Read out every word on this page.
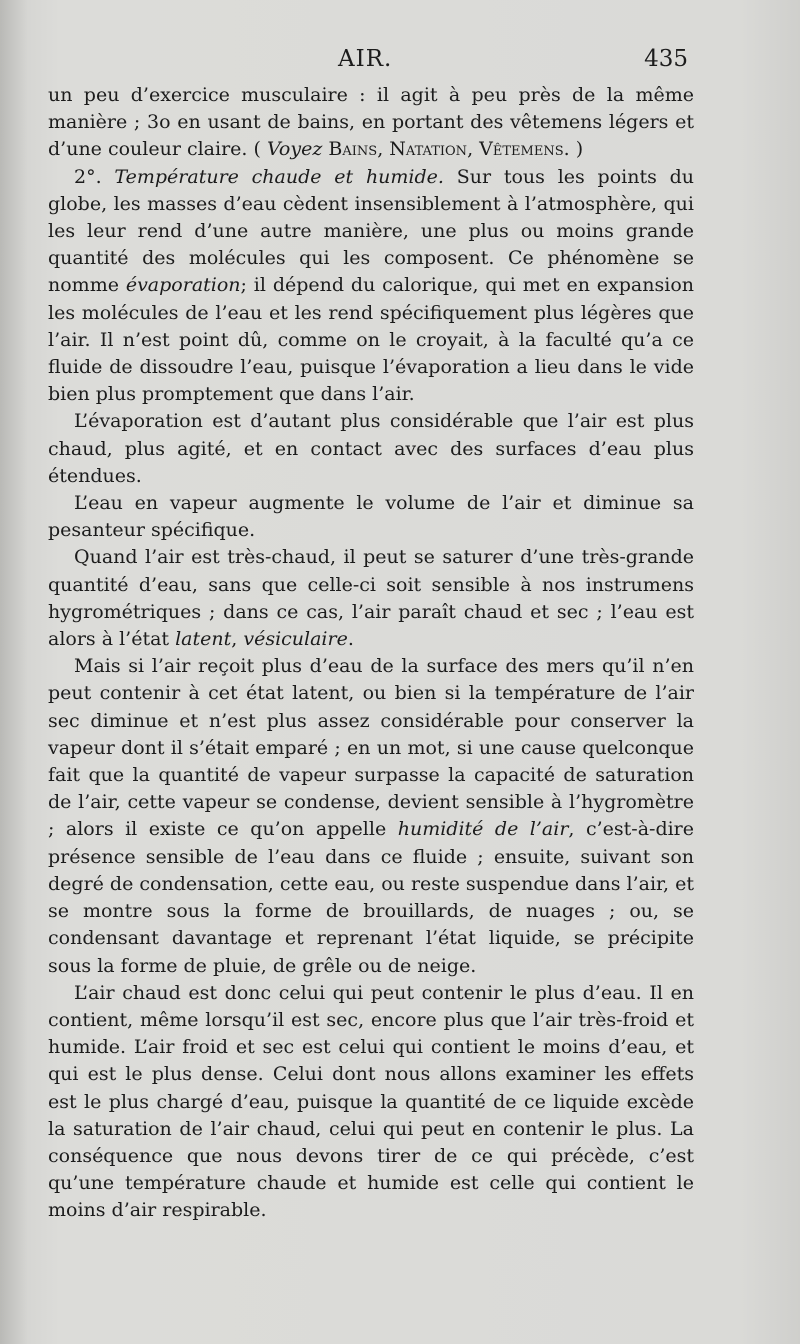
AIR.	435

un peu d’exercice musculaire : il agit à peu près de la même manière ; 3o en usant de bains, en portant des vêtemens légers et d’une couleur claire. ( Voyez Bains, Natation, Vêtemens. )

2°. Température chaude et humide. Sur tous les points du globe, les masses d’eau cèdent insensiblement à l’atmosphère, qui les leur rend d’une autre manière, une plus ou moins grande quantité des molécules qui les composent. Ce phénomène se nomme évaporation; il dépend du calorique, qui met en expansion les molécules de l’eau et les rend spécifiquement plus légères que l’air. Il n’est point dû, comme on le croyait, à la faculté qu’a ce fluide de dissoudre l’eau, puisque l’évaporation a lieu dans le vide bien plus promptement que dans l’air.

L’évaporation est d’autant plus considérable que l’air est plus chaud, plus agité, et en contact avec des surfaces d’eau plus étendues.

L’eau en vapeur augmente le volume de l’air et diminue sa pesanteur spécifique.

Quand l’air est très-chaud, il peut se saturer d’une très-grande quantité d’eau, sans que celle-ci soit sensible à nos instrumens hygrométriques ; dans ce cas, l’air paraît chaud et sec ; l’eau est alors à l’état latent, vésiculaire.

Mais si l’air reçoit plus d’eau de la surface des mers qu’il n’en peut contenir à cet état latent, ou bien si la température de l’air sec diminue et n’est plus assez considérable pour conserver la vapeur dont il s’était emparé ; en un mot, si une cause quelconque fait que la quantité de vapeur surpasse la capacité de saturation de l’air, cette vapeur se condense, devient sensible à l’hygromètre ; alors il existe ce qu’on appelle humidité de l’air, c’est-à-dire présence sensible de l’eau dans ce fluide ; ensuite, suivant son degré de condensation, cette eau, ou reste suspendue dans l’air, et se montre sous la forme de brouillards, de nuages ; ou, se condensant davantage et reprenant l’état liquide, se précipite sous la forme de pluie, de grêle ou de neige.

L’air chaud est donc celui qui peut contenir le plus d’eau. Il en contient, même lorsqu’il est sec, encore plus que l’air très-froid et humide. L’air froid et sec est celui qui contient le moins d’eau, et qui est le plus dense. Celui dont nous allons examiner les effets est le plus chargé d’eau, puisque la quantité de ce liquide excède la saturation de l’air chaud, celui qui peut en contenir le plus. La conséquence que nous devons tirer de ce qui précède, c’est qu’une température chaude et humide est celle qui contient le moins d’air respirable.
